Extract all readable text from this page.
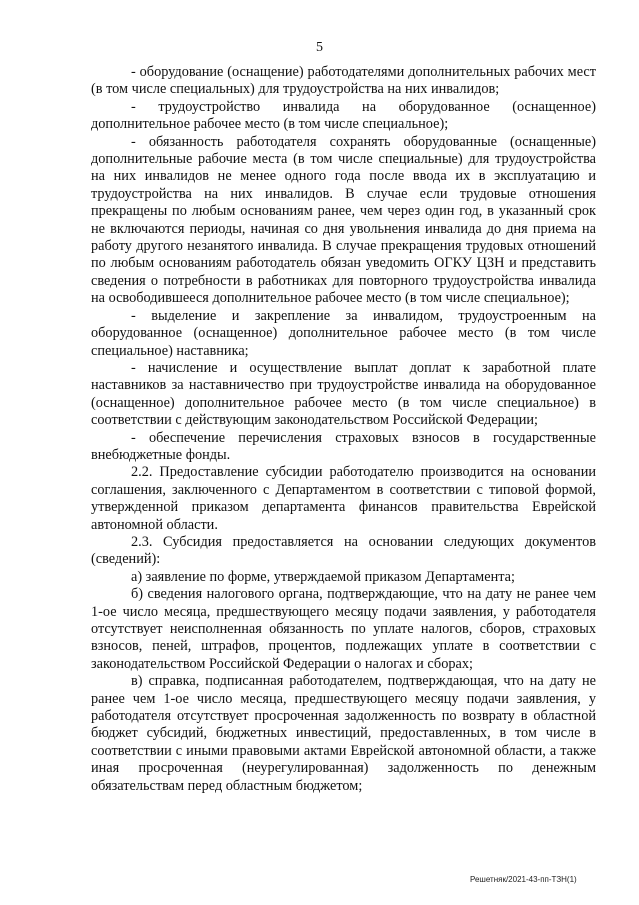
5

- оборудование (оснащение) работодателями дополнительных рабочих мест (в том числе специальных) для трудоустройства на них инвалидов;

- трудоустройство инвалида на оборудованное (оснащенное) дополнительное рабочее место (в том числе специальное);

- обязанность работодателя сохранять оборудованные (оснащенные) дополнительные рабочие места (в том числе специальные) для трудоустройства на них инвалидов не менее одного года после ввода их в эксплуатацию и трудоустройства на них инвалидов. В случае если трудовые отношения прекращены по любым основаниям ранее, чем через один год, в указанный срок не включаются периоды, начиная со дня увольнения инвалида до дня приема на работу другого незанятого инвалида. В случае прекращения трудовых отношений по любым основаниям работодатель обязан уведомить ОГКУ ЦЗН и представить сведения о потребности в работниках для повторного трудоустройства инвалида на освободившееся дополнительное рабочее место (в том числе специальное);

- выделение и закрепление за инвалидом, трудоустроенным на оборудованное (оснащенное) дополнительное рабочее место (в том числе специальное) наставника;

- начисление и осуществление выплат доплат к заработной плате наставников за наставничество при трудоустройстве инвалида на оборудованное (оснащенное) дополнительное рабочее место (в том числе специальное) в соответствии с действующим законодательством Российской Федерации;

- обеспечение перечисления страховых взносов в государственные внебюджетные фонды.

2.2. Предоставление субсидии работодателю производится на основании соглашения, заключенного с Департаментом в соответствии с типовой формой, утвержденной приказом департамента финансов правительства Еврейской автономной области.

2.3. Субсидия предоставляется на основании следующих документов (сведений):

а) заявление по форме, утверждаемой приказом Департамента;

б) сведения налогового органа, подтверждающие, что на дату не ранее чем 1-ое число месяца, предшествующего месяцу подачи заявления, у работодателя отсутствует неисполненная обязанность по уплате налогов, сборов, страховых взносов, пеней, штрафов, процентов, подлежащих уплате в соответствии с законодательством Российской Федерации о налогах и сборах;

в) справка, подписанная работодателем, подтверждающая, что на дату не ранее чем 1-ое число месяца, предшествующего месяцу подачи заявления, у работодателя отсутствует просроченная задолженность по возврату в областной бюджет субсидий, бюджетных инвестиций, предоставленных, в том числе в соответствии с иными правовыми актами Еврейской автономной области, а также иная просроченная (неурегулированная) задолженность по денежным обязательствам перед областным бюджетом;

Решетняк/2021-43-пп-ТЗН(1)
